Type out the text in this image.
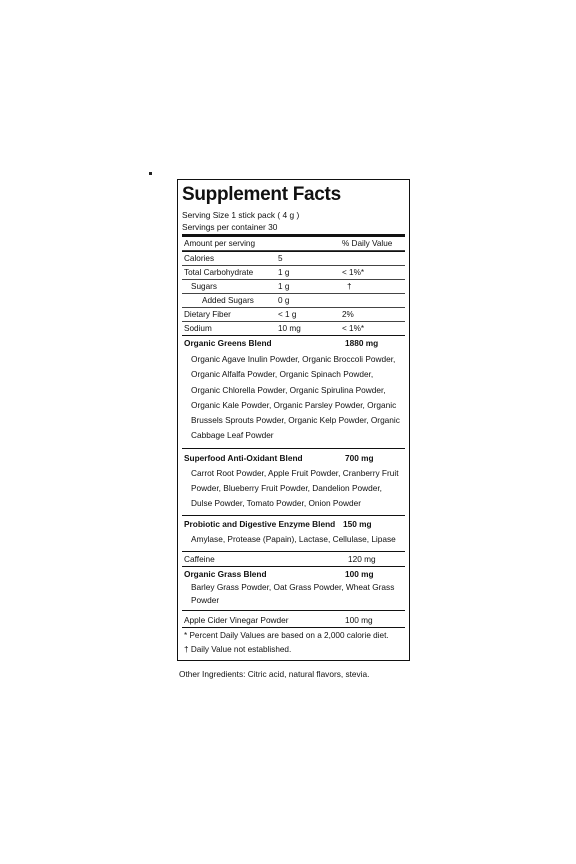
Supplement Facts
Serving Size 1 stick pack ( 4 g )
Servings per container 30
Amount per serving	% Daily Value
Calories	5
Total Carbohydrate	1 g	< 1%*
Sugars	1 g	†
Added Sugars	0 g
Dietary Fiber	< 1 g	2%
Sodium	10 mg	< 1%*
Organic Greens Blend	1880 mg
Organic Agave Inulin Powder, Organic Broccoli Powder, Organic Alfalfa Powder, Organic Spinach Powder, Organic Chlorella Powder, Organic Spirulina Powder, Organic Kale Powder, Organic Parsley Powder, Organic Brussels Sprouts Powder, Organic Kelp Powder, Organic Cabbage Leaf Powder
Superfood Anti-Oxidant Blend	700 mg
Carrot Root Powder, Apple Fruit Powder, Cranberry Fruit Powder, Blueberry Fruit Powder, Dandelion Powder, Dulse Powder, Tomato Powder, Onion Powder
Probiotic and Digestive Enzyme Blend 150 mg
Amylase, Protease (Papain), Lactase, Cellulase, Lipase
Caffeine	120 mg
Organic Grass Blend	100 mg
Barley Grass Powder, Oat Grass Powder, Wheat Grass Powder
Apple Cider Vinegar Powder	100 mg
* Percent Daily Values are based on a 2,000 calorie diet.
† Daily Value not established.
Other Ingredients: Citric acid, natural flavors, stevia.
